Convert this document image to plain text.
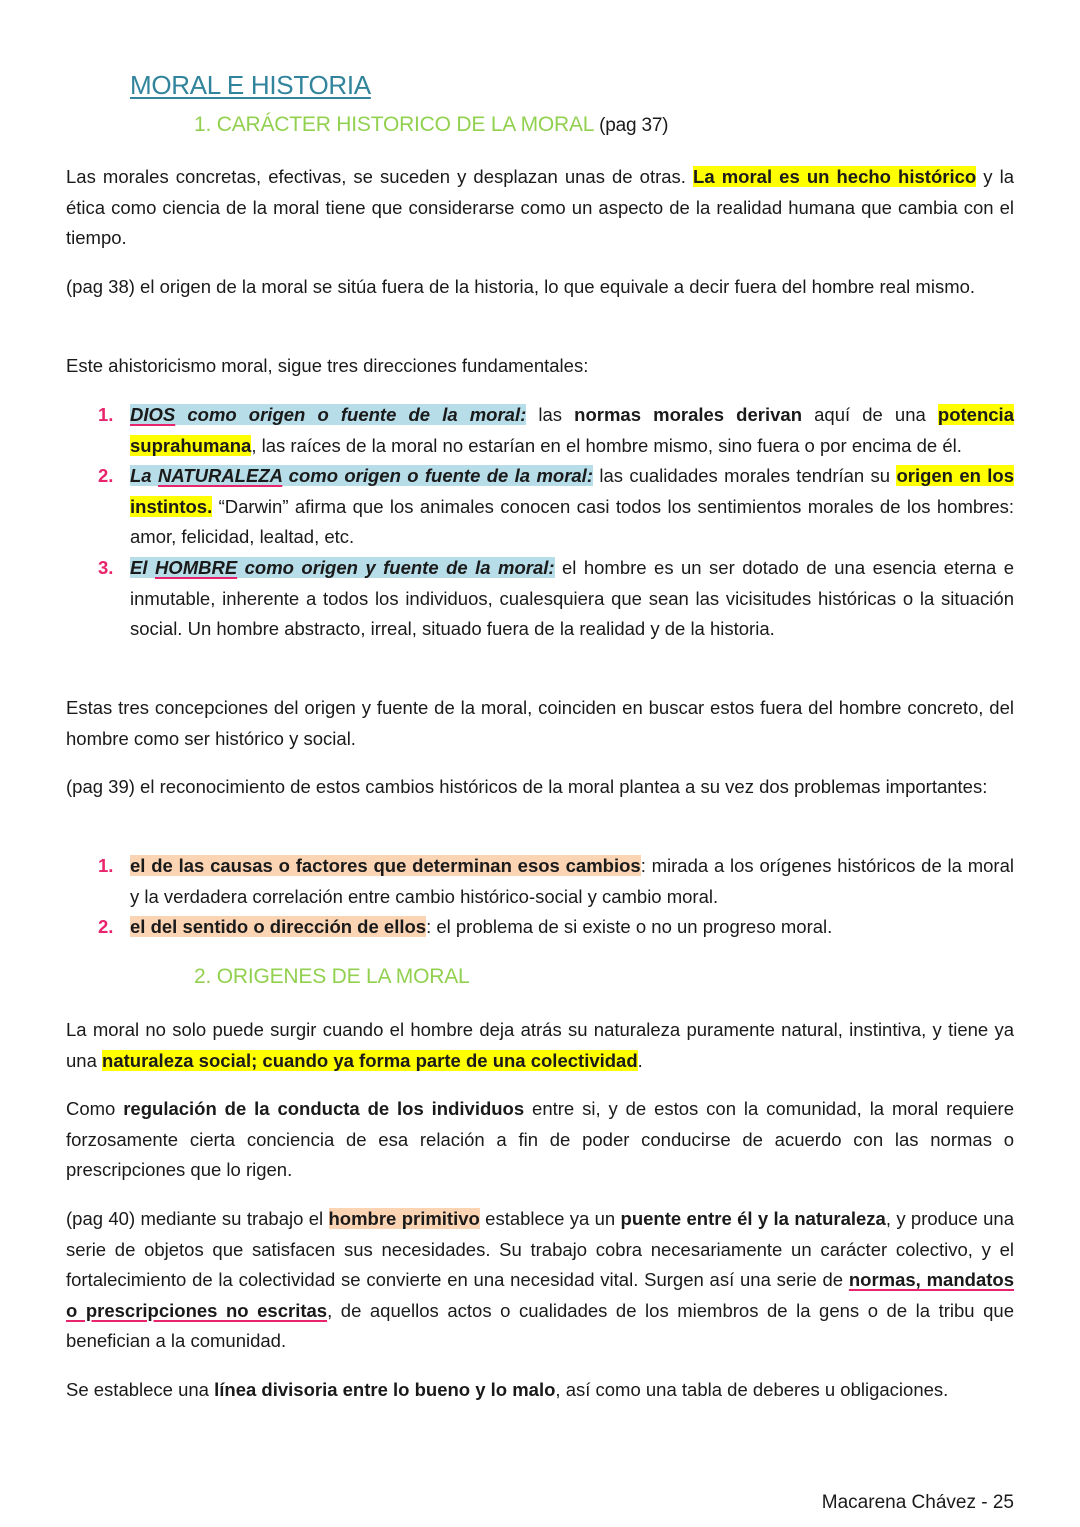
MORAL E HISTORIA
1. CARÁCTER HISTORICO DE LA MORAL (pag 37)

Las morales concretas, efectivas, se suceden y desplazan unas de otras. La moral es un hecho histórico y la ética como ciencia de la moral tiene que considerarse como un aspecto de la realidad humana que cambia con el tiempo.

(pag 38) el origen de la moral se sitúa fuera de la historia, lo que equivale a decir fuera del hombre real mismo.

Este ahistoricismo moral, sigue tres direcciones fundamentales:

1. DIOS como origen o fuente de la moral: las normas morales derivan aquí de una potencia suprahumana, las raíces de la moral no estarían en el hombre mismo, sino fuera o por encima de él.
2. La NATURALEZA como origen o fuente de la moral: las cualidades morales tendrían su origen en los instintos. “Darwin” afirma que los animales conocen casi todos los sentimientos morales de los hombres: amor, felicidad, lealtad, etc.
3. El HOMBRE como origen y fuente de la moral: el hombre es un ser dotado de una esencia eterna e inmutable, inherente a todos los individuos, cualesquiera que sean las vicisitudes históricas o la situación social. Un hombre abstracto, irreal, situado fuera de la realidad y de la historia.

Estas tres concepciones del origen y fuente de la moral, coinciden en buscar estos fuera del hombre concreto, del hombre como ser histórico y social.

(pag 39) el reconocimiento de estos cambios históricos de la moral plantea a su vez dos problemas importantes:

1. el de las causas o factores que determinan esos cambios: mirada a los orígenes históricos de la moral y la verdadera correlación entre cambio histórico-social y cambio moral.
2. el del sentido o dirección de ellos: el problema de si existe o no un progreso moral.
2. ORIGENES DE LA MORAL

La moral no solo puede surgir cuando el hombre deja atrás su naturaleza puramente natural, instintiva, y tiene ya una naturaleza social; cuando ya forma parte de una colectividad.

Como regulación de la conducta de los individuos entre si, y de estos con la comunidad, la moral requiere forzosamente cierta conciencia de esa relación a fin de poder conducirse de acuerdo con las normas o prescripciones que lo rigen.

(pag 40) mediante su trabajo el hombre primitivo establece ya un puente entre él y la naturaleza, y produce una serie de objetos que satisfacen sus necesidades. Su trabajo cobra necesariamente un carácter colectivo, y el fortalecimiento de la colectividad se convierte en una necesidad vital. Surgen así una serie de normas, mandatos o prescripciones no escritas, de aquellos actos o cualidades de los miembros de la gens o de la tribu que benefician a la comunidad.

Se establece una línea divisoria entre lo bueno y lo malo, así como una tabla de deberes u obligaciones.

Macarena Chávez - 25
